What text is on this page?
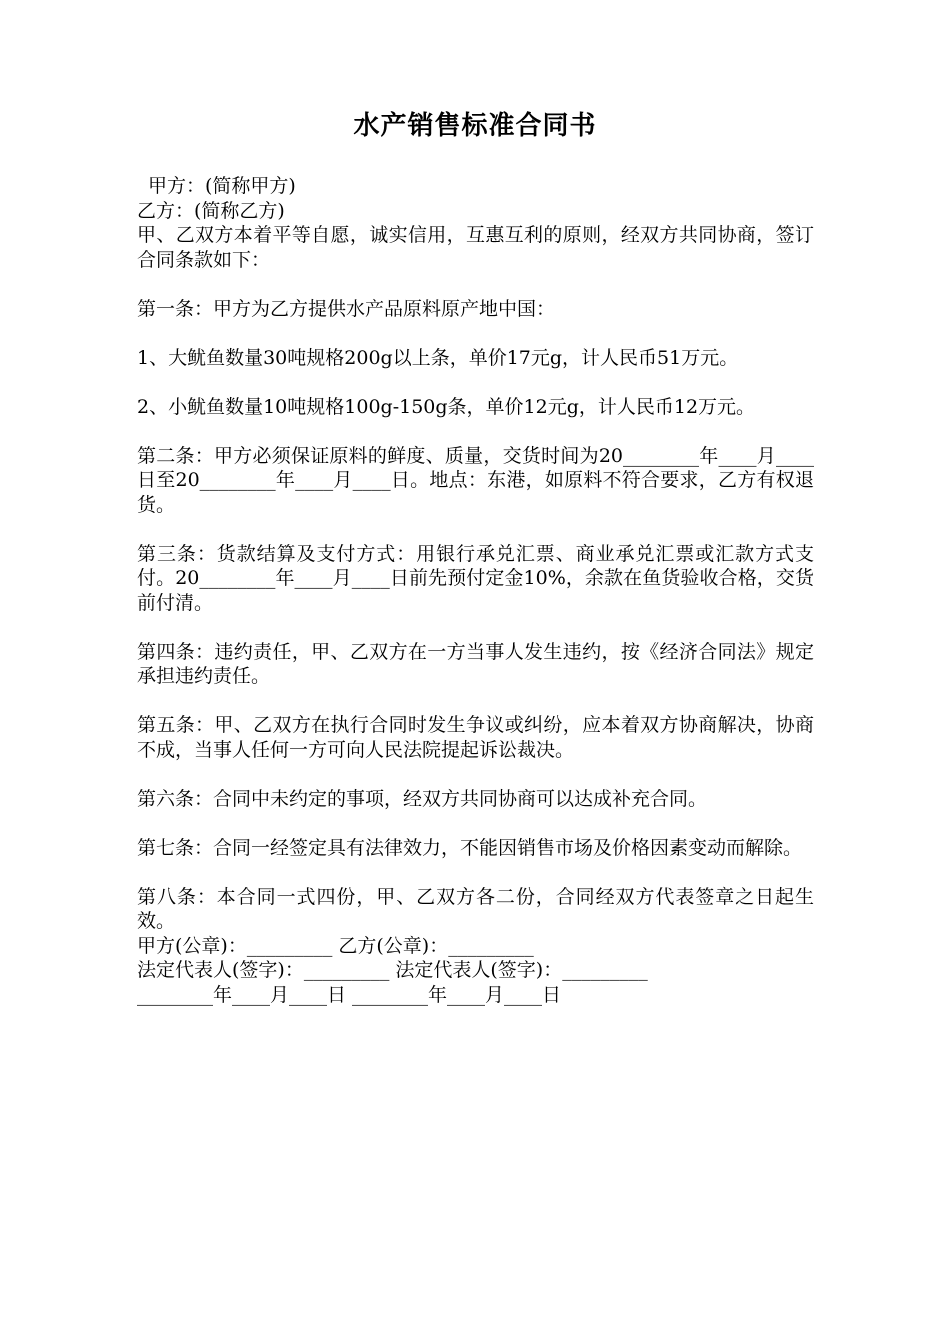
水产销售标准合同书

甲方：(简称甲方)

乙方：(简称乙方)

甲、乙双方本着平等自愿，诚实信用，互惠互利的原则，经双方共同协商，签订合同条款如下：

第一条：甲方为乙方提供水产品原料原产地中国：

1、大鱿鱼数量30吨规格200g以上条，单价17元g，计人民币51万元。

2、小鱿鱼数量10吨规格100g-150g条，单价12元g，计人民币12万元。

第二条：甲方必须保证原料的鲜度、质量，交货时间为20________年____月____日至20________年____月____日。地点：东港，如原料不符合要求，乙方有权退货。

第三条：货款结算及支付方式：用银行承兑汇票、商业承兑汇票或汇款方式支付。20________年____月____日前先预付定金10%，余款在鱼货验收合格，交货前付清。

第四条：违约责任，甲、乙双方在一方当事人发生违约，按《经济合同法》规定承担违约责任。

第五条：甲、乙双方在执行合同时发生争议或纠纷，应本着双方协商解决，协商不成，当事人任何一方可向人民法院提起诉讼裁决。

第六条：合同中未约定的事项，经双方共同协商可以达成补充合同。

第七条：合同一经签定具有法律效力，不能因销售市场及价格因素变动而解除。

第八条：本合同一式四份，甲、乙双方各二份，合同经双方代表签章之日起生效。

甲方(公章)：_________ 乙方(公章)：_________

法定代表人(签字)：_________ 法定代表人(签字)：_________

________年____月____日 ________年____月____日
